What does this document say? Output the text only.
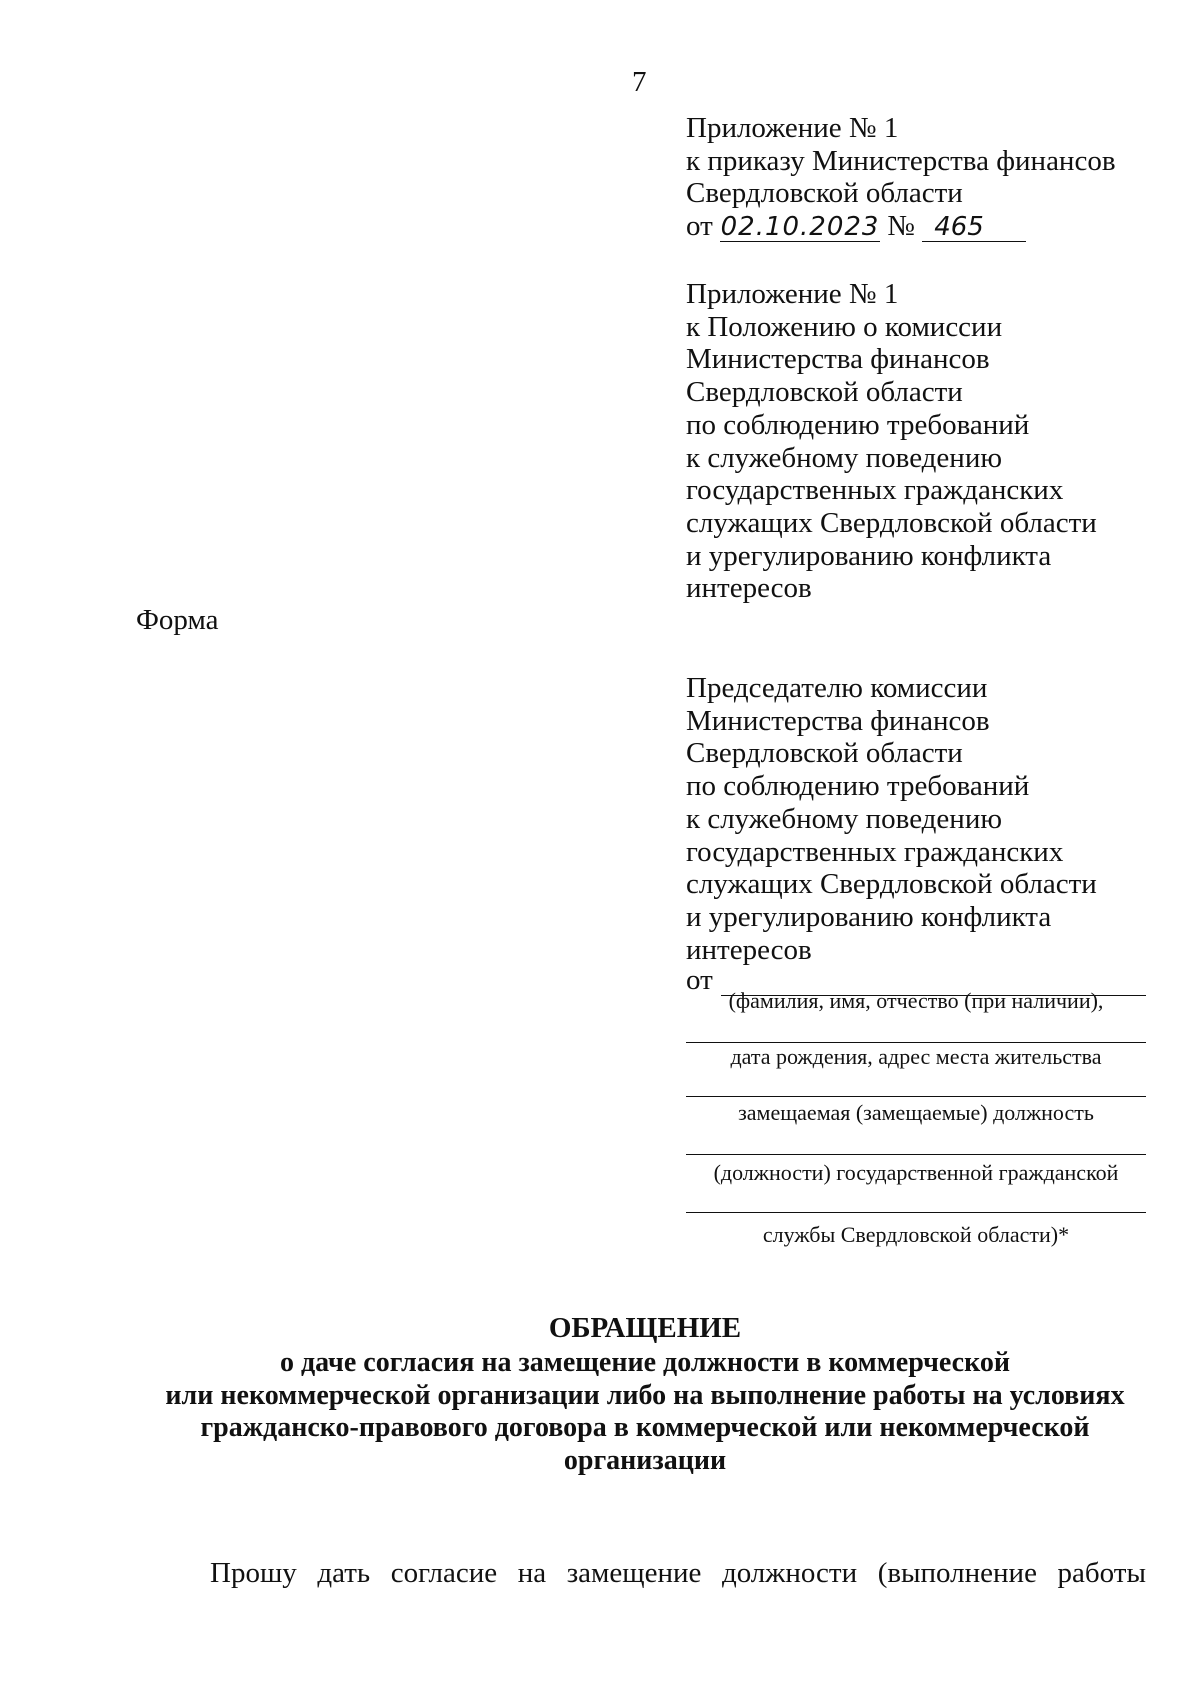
7
Приложение № 1
к приказу Министерства финансов
Свердловской области
от 02.10.2023 № 465
Приложение № 1
к Положению о комиссии
Министерства финансов
Свердловской области
по соблюдению требований
к служебному поведению
государственных гражданских
служащих Свердловской области
и урегулированию конфликта
интересов
Форма
Председателю комиссии
Министерства финансов
Свердловской области
по соблюдению требований
к служебному поведению
государственных гражданских
служащих Свердловской области
и урегулированию конфликта
интересов
от
(фамилия, имя, отчество (при наличии),
дата рождения, адрес места жительства
замещаемая (замещаемые) должность
(должности) государственной гражданской
службы Свердловской области)*
ОБРАЩЕНИЕ
о даче согласия на замещение должности в коммерческой
или некоммерческой организации либо на выполнение работы на условиях
гражданско-правового договора в коммерческой или некоммерческой
организации
Прошу дать согласие на замещение должности (выполнение работы
